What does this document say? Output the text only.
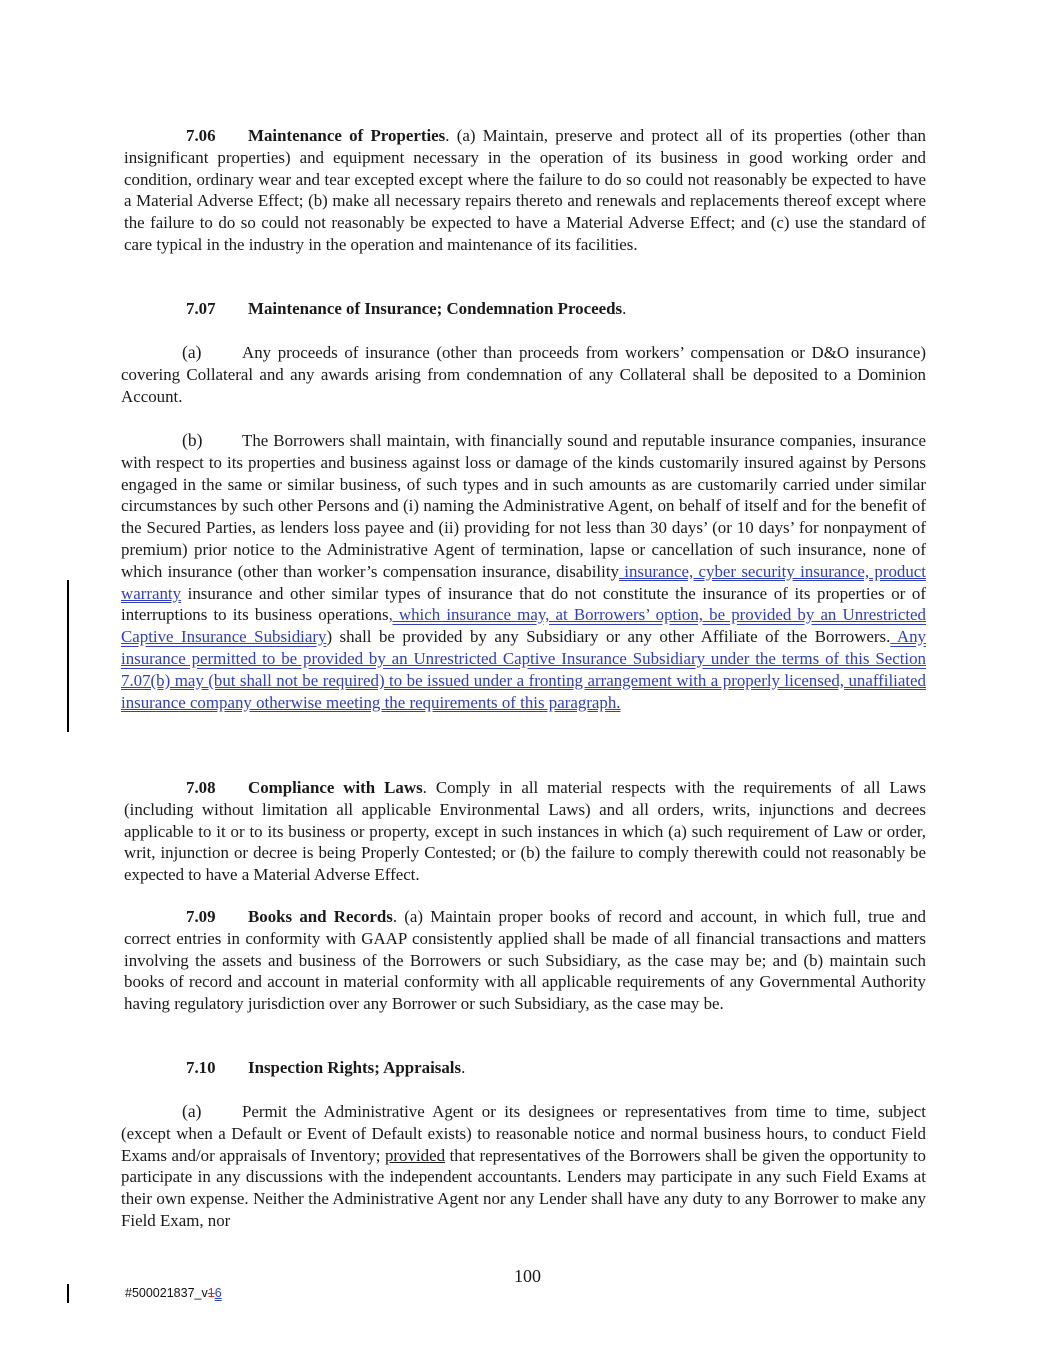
7.06 Maintenance of Properties. (a) Maintain, preserve and protect all of its properties (other than insignificant properties) and equipment necessary in the operation of its business in good working order and condition, ordinary wear and tear excepted except where the failure to do so could not reasonably be expected to have a Material Adverse Effect; (b) make all necessary repairs thereto and renewals and replacements thereof except where the failure to do so could not reasonably be expected to have a Material Adverse Effect; and (c) use the standard of care typical in the industry in the operation and maintenance of its facilities.

7.07 Maintenance of Insurance; Condemnation Proceeds.

(a) Any proceeds of insurance (other than proceeds from workers’ compensation or D&O insurance) covering Collateral and any awards arising from condemnation of any Collateral shall be deposited to a Dominion Account.

(b) The Borrowers shall maintain, with financially sound and reputable insurance companies, insurance with respect to its properties and business against loss or damage of the kinds customarily insured against by Persons engaged in the same or similar business, of such types and in such amounts as are customarily carried under similar circumstances by such other Persons and (i) naming the Administrative Agent, on behalf of itself and for the benefit of the Secured Parties, as lenders loss payee and (ii) providing for not less than 30 days’ (or 10 days’ for nonpayment of premium) prior notice to the Administrative Agent of termination, lapse or cancellation of such insurance, none of which insurance (other than worker’s compensation insurance, disability insurance, cyber security insurance, product warranty insurance and other similar types of insurance that do not constitute the insurance of its properties or of interruptions to its business operations, which insurance may, at Borrowers’ option, be provided by an Unrestricted Captive Insurance Subsidiary) shall be provided by any Subsidiary or any other Affiliate of the Borrowers. Any insurance permitted to be provided by an Unrestricted Captive Insurance Subsidiary under the terms of this Section 7.07(b) may (but shall not be required) to be issued under a fronting arrangement with a properly licensed, unaffiliated insurance company otherwise meeting the requirements of this paragraph.

7.08 Compliance with Laws. Comply in all material respects with the requirements of all Laws (including without limitation all applicable Environmental Laws) and all orders, writs, injunctions and decrees applicable to it or to its business or property, except in such instances in which (a) such requirement of Law or order, writ, injunction or decree is being Properly Contested; or (b) the failure to comply therewith could not reasonably be expected to have a Material Adverse Effect.

7.09 Books and Records. (a) Maintain proper books of record and account, in which full, true and correct entries in conformity with GAAP consistently applied shall be made of all financial transactions and matters involving the assets and business of the Borrowers or such Subsidiary, as the case may be; and (b) maintain such books of record and account in material conformity with all applicable requirements of any Governmental Authority having regulatory jurisdiction over any Borrower or such Subsidiary, as the case may be.

7.10 Inspection Rights; Appraisals.

(a) Permit the Administrative Agent or its designees or representatives from time to time, subject (except when a Default or Event of Default exists) to reasonable notice and normal business hours, to conduct Field Exams and/or appraisals of Inventory; provided that representatives of the Borrowers shall be given the opportunity to participate in any discussions with the independent accountants. Lenders may participate in any such Field Exams at their own expense. Neither the Administrative Agent nor any Lender shall have any duty to any Borrower to make any Field Exam, nor

100
#500021837_v16
